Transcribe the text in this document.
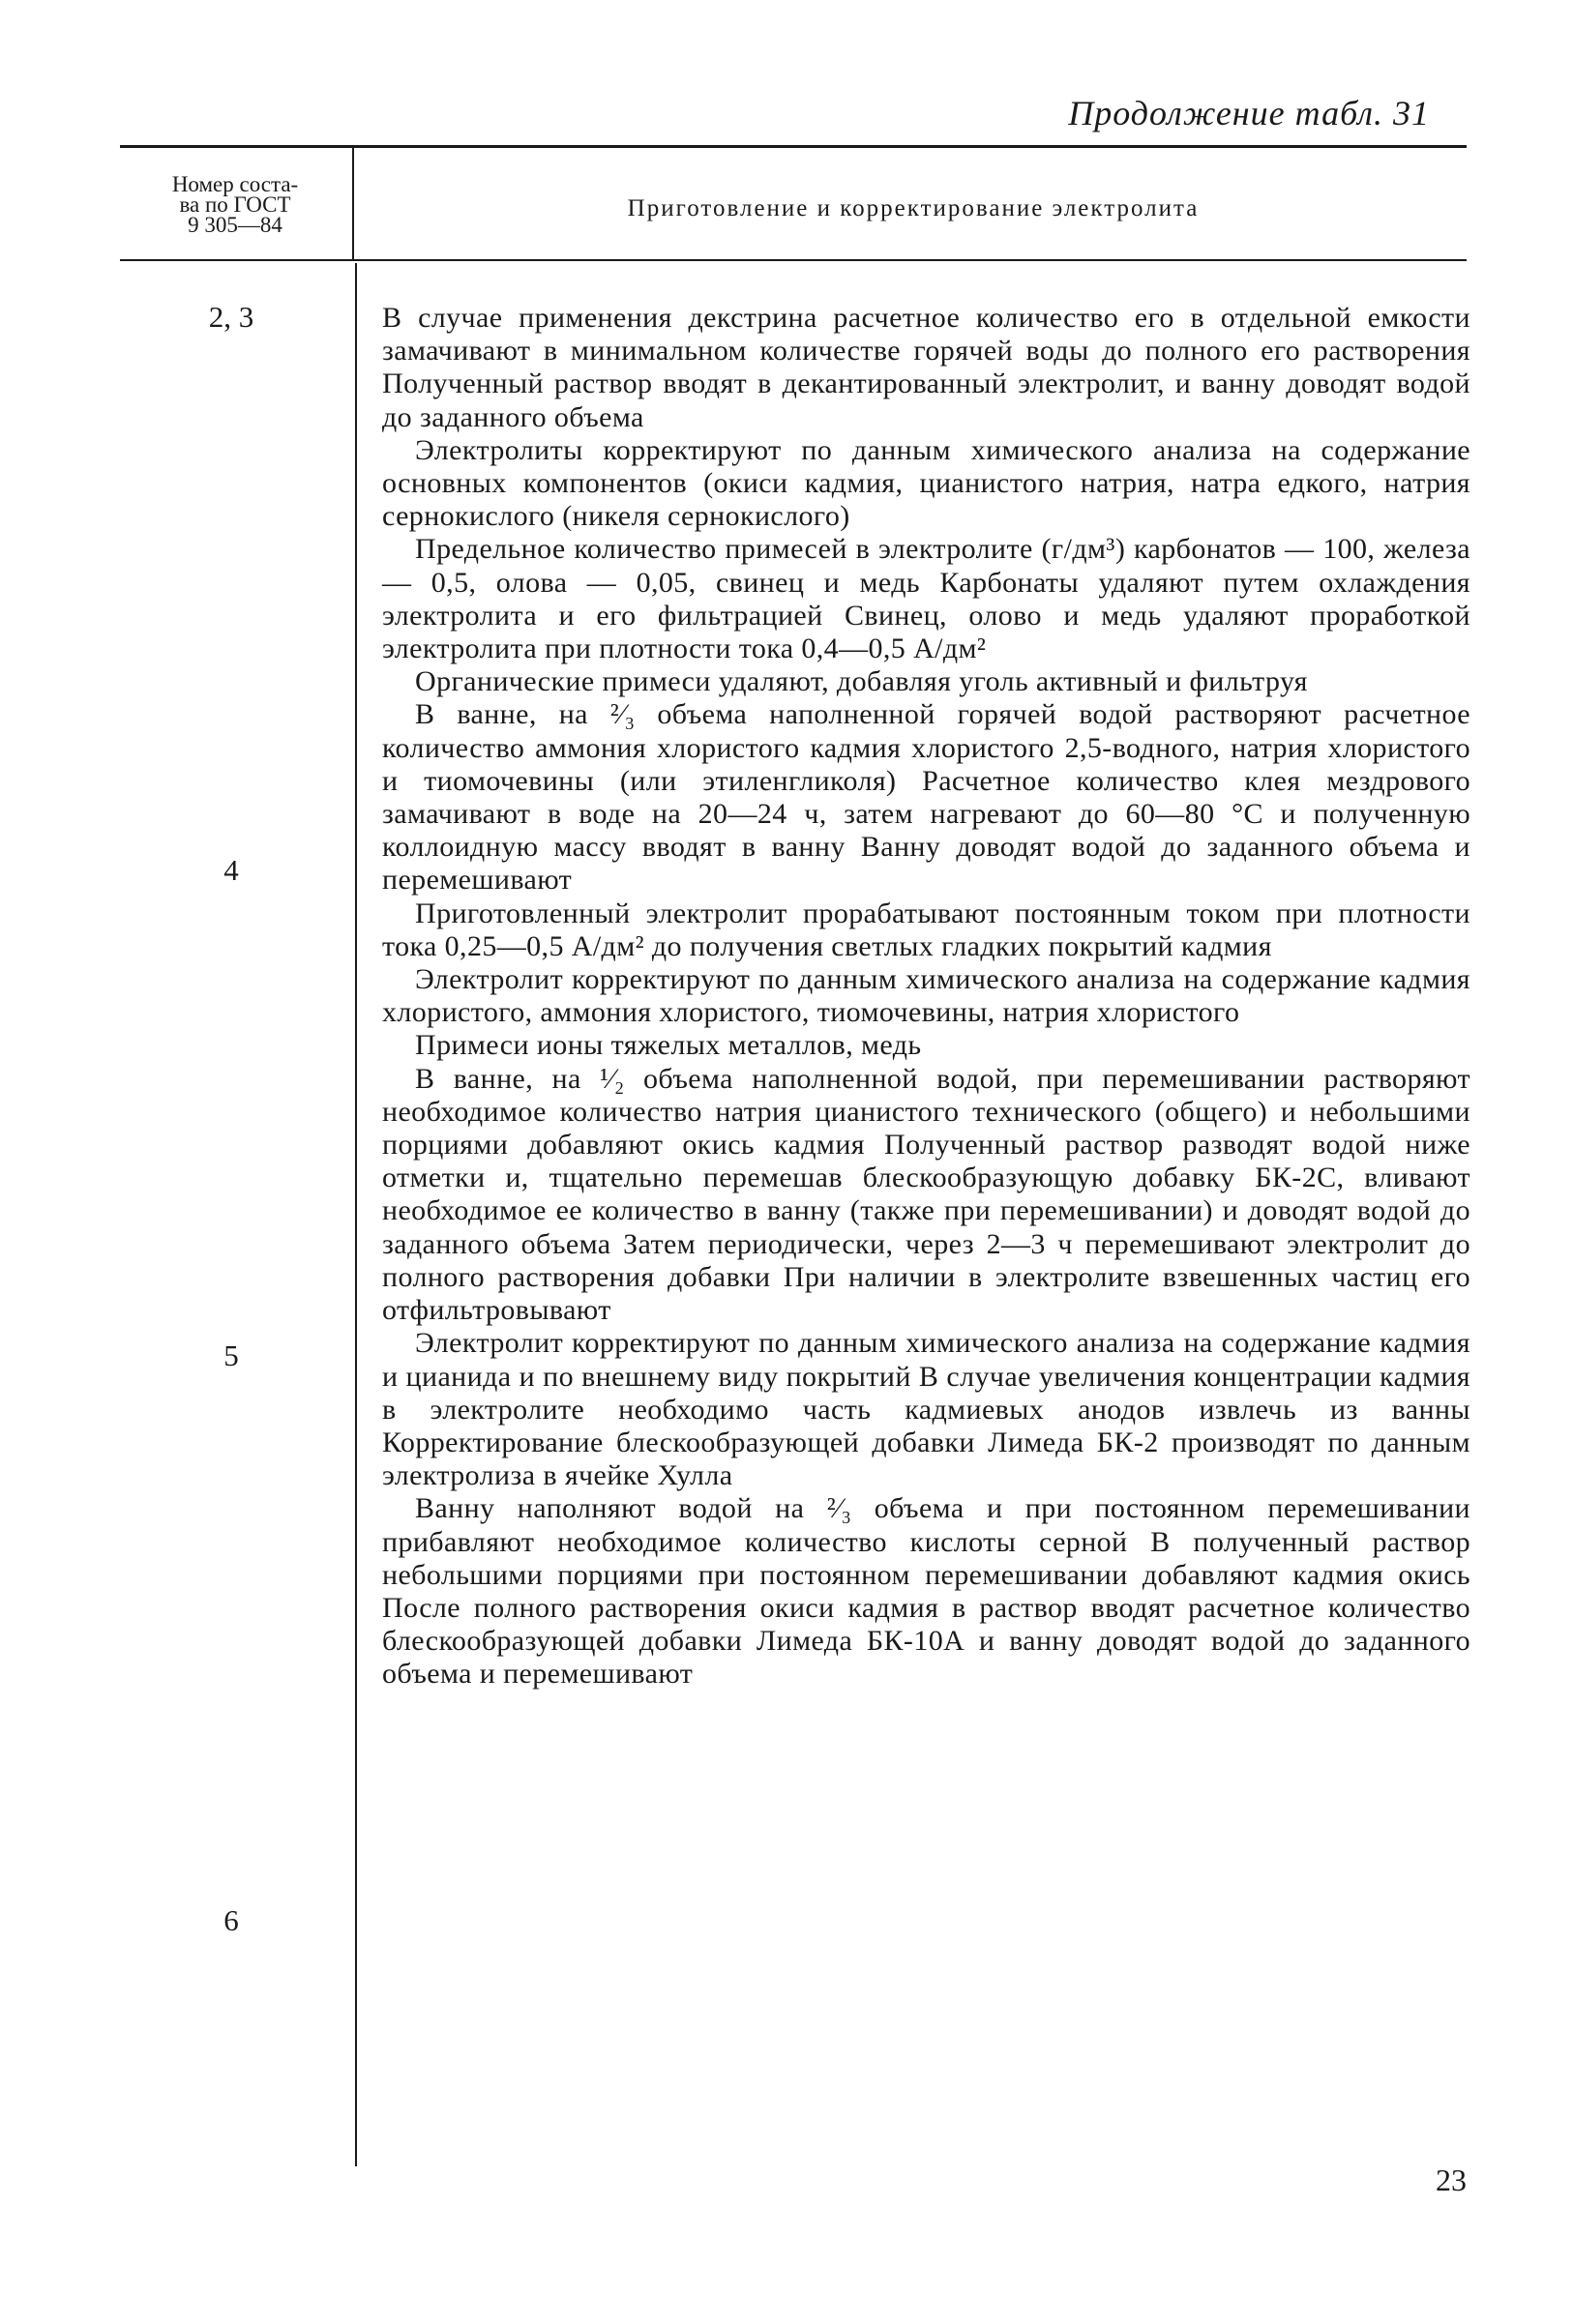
Продолжение табл. 31
Номер соста-
ва по ГОСТ
9 305—84
Приготовление и корректирование электролита
2, 3
4
5
6

В случае применения декстрина расчетное количество его в отдельной емкости замачивают в минимальном количестве горячей воды до полного его растворения Полученный раствор вводят в декантированный электролит, и ванну доводят водой до заданного объема

Электролиты корректируют по данным химического анализа на содержание основных компонентов (окиси кадмия, цианистого натрия, натра едкого, натрия сернокислого (никеля сернокислого)

Предельное количество примесей в электролите (г/дм³) карбонатов — 100, железа — 0,5, олова — 0,05, свинец и медь Карбонаты удаляют путем охлаждения электролита и его фильтрацией Свинец, олово и медь удаляют проработкой электролита при плотности тока 0,4—0,5 А/дм²

Органические примеси удаляют, добавляя уголь активный и фильтруя

В ванне, на ²⁄₃ объема наполненной горячей водой растворяют расчетное количество аммония хлористого кадмия хлористого 2,5-водного, натрия хлористого и тиомочевины (или этиленгликоля) Расчетное количество клея мездрового замачивают в воде на 20—24 ч, затем нагревают до 60—80 °С и полученную коллоидную массу вводят в ванну Ванну доводят водой до заданного объема и перемешивают

Приготовленный электролит прорабатывают постоянным током при плотности тока 0,25—0,5 А/дм² до получения светлых гладких покрытий кадмия

Электролит корректируют по данным химического анализа на содержание кадмия хлористого, аммония хлористого, тиомочевины, натрия хлористого

Примеси ионы тяжелых металлов, медь

В ванне, на ¹⁄₂ объема наполненной водой, при перемешивании растворяют необходимое количество натрия цианистого технического (общего) и небольшими порциями добавляют окись кадмия Полученный раствор разводят водой ниже отметки и, тщательно перемешав блескообразующую добавку БК-2С, вливают необходимое ее количество в ванну (также при перемешивании) и доводят водой до заданного объема Затем периодически, через 2—3 ч перемешивают электролит до полного растворения добавки При наличии в электролите взвешенных частиц его отфильтровывают

Электролит корректируют по данным химического анализа на содержание кадмия и цианида и по внешнему виду покрытий В случае увеличения концентрации кадмия в электролите необходимо часть кадмиевых анодов извлечь из ванны Корректирование блескообразующей добавки Лимеда БК-2 производят по данным электролиза в ячейке Хулла

Ванну наполняют водой на ²⁄₃ объема и при постоянном перемешивании прибавляют необходимое количество кислоты серной В полученный раствор небольшими порциями при постоянном перемешивании добавляют кадмия окись После полного растворения окиси кадмия в раствор вводят расчетное количество блескообразующей добавки Лимеда БК-10А и ванну доводят водой до заданного объема и перемешивают

23
